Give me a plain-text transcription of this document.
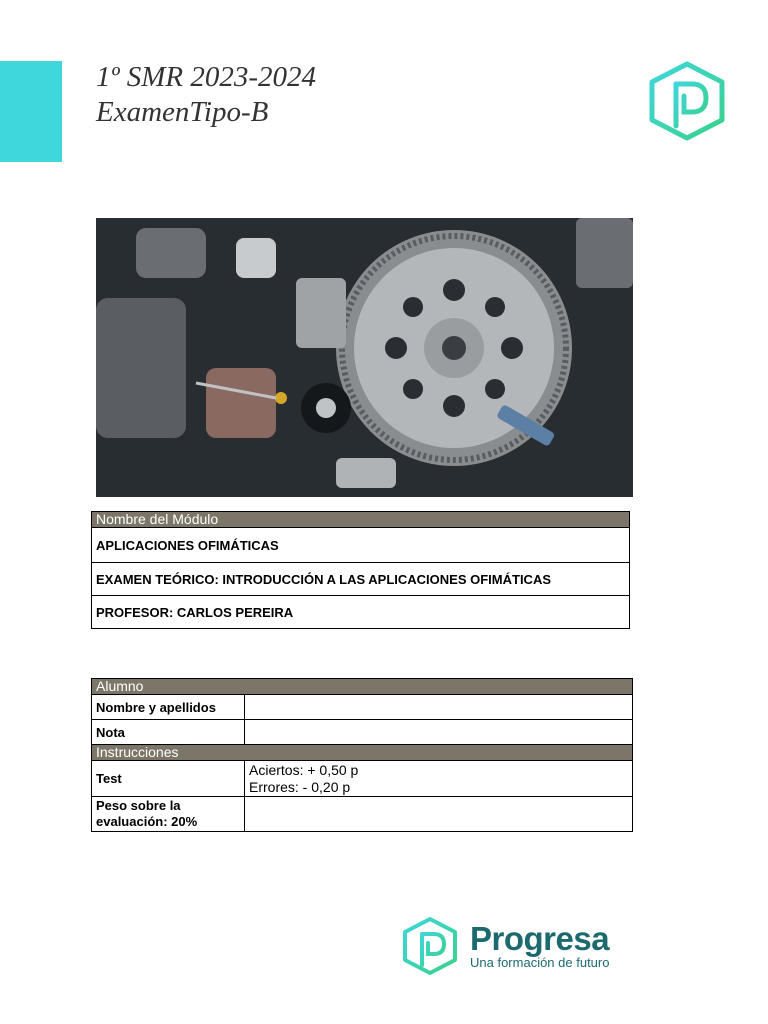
1º SMR 2023-2024
ExamenTipo-B
Nombre del Módulo
APLICACIONES OFIMÁTICAS
EXAMEN TEÓRICO: INTRODUCCIÓN A LAS APLICACIONES OFIMÁTICAS
PROFESOR: CARLOS PEREIRA
Alumno	
Nombre y apellidos	
Nota	
Instrucciones	
Test	Aciertos: + 0,50 p
Errores: - 0,20 p

Peso sobre la
evaluación: 20%	

Progresa
Una formación de futuro
